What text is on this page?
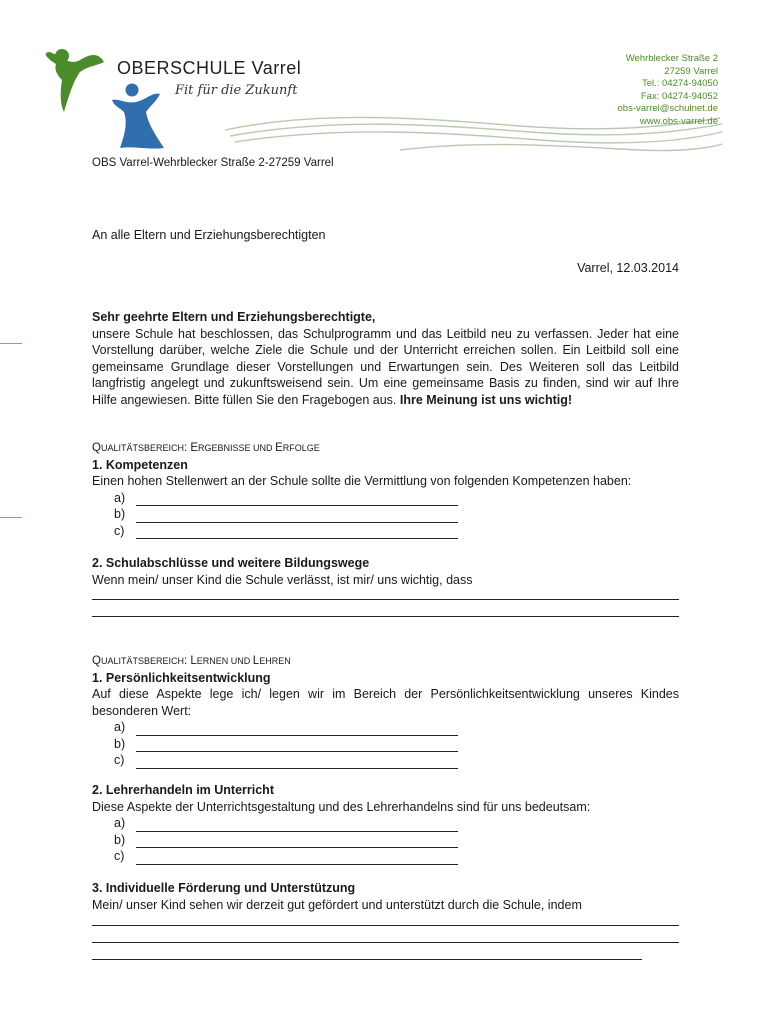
OBERSCHULE Varrel
Fit für die Zukunft
Wehrblecker Straße 2
27259 Varrel
Tel.: 04274-94050
Fax: 04274-94052
obs-varrel@schulnet.de
www.obs-varrel.de
OBS Varrel-Wehrblecker Straße 2-27259 Varrel
An alle Eltern und Erziehungsberechtigten
Varrel, 12.03.2014
Sehr geehrte Eltern und Erziehungsberechtigte,
unsere Schule hat beschlossen, das Schulprogramm und das Leitbild neu zu verfassen. Jeder hat eine Vorstellung darüber, welche Ziele die Schule und der Unterricht erreichen sollen. Ein Leitbild soll eine gemeinsame Grundlage dieser Vorstellungen und Erwartungen sein. Des Weiteren soll das Leitbild langfristig angelegt und zukunftsweisend sein. Um eine gemeinsame Basis zu finden, sind wir auf Ihre Hilfe angewiesen. Bitte füllen Sie den Fragebogen aus. Ihre Meinung ist uns wichtig!
QUALITÄTSBEREICH: ERGEBNISSE UND ERFOLGE
1. Kompetenzen
Einen hohen Stellenwert an der Schule sollte die Vermittlung von folgenden Kompetenzen haben:
a)
b)
c)
2. Schulabschlüsse und weitere Bildungswege
Wenn mein/ unser Kind die Schule verlässt, ist mir/ uns wichtig, dass
QUALITÄTSBEREICH: LERNEN UND LEHREN
1. Persönlichkeitsentwicklung
Auf diese Aspekte lege ich/ legen wir im Bereich der Persönlichkeitsentwicklung unseres Kindes besonderen Wert:
a)
b)
c)
2. Lehrerhandeln im Unterricht
Diese Aspekte der Unterrichtsgestaltung und des Lehrerhandelns sind für uns bedeutsam:
a)
b)
c)
3. Individuelle Förderung und Unterstützung
Mein/ unser Kind sehen wir derzeit gut gefördert und unterstützt durch die Schule, indem
